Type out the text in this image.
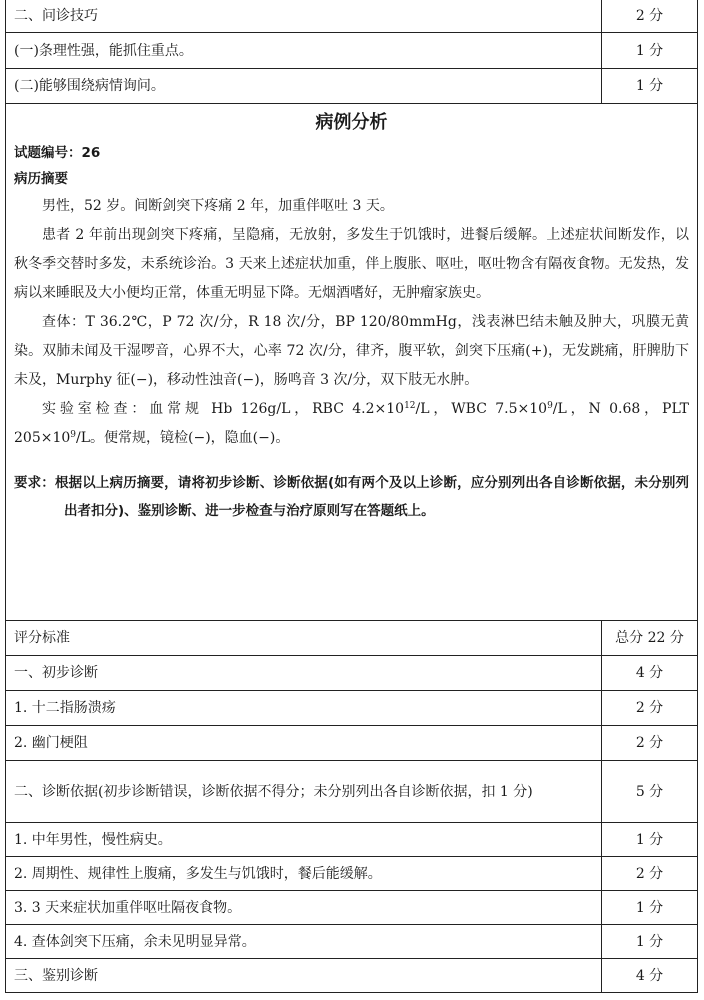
二、问诊技巧	2 分
(一)条理性强，能抓住重点。	1 分
(二)能够围绕病情询问。	1 分
病例分析
试题编号：26
病历摘要

男性，52 岁。间断剑突下疼痛 2 年，加重伴呕吐 3 天。

患者 2 年前出现剑突下疼痛，呈隐痛，无放射，多发生于饥饿时，进餐后缓解。上述症状间断发作，以秋冬季交替时多发，未系统诊治。3 天来上述症状加重，伴上腹胀、呕吐，呕吐物含有隔夜食物。无发热，发病以来睡眠及大小便均正常，体重无明显下降。无烟酒嗜好，无肿瘤家族史。

查体：T 36.2℃，P 72 次/分，R 18 次/分，BP 120/80mmHg，浅表淋巴结未触及肿大，巩膜无黄染。双肺未闻及干湿啰音，心界不大，心率 72 次/分，律齐，腹平软，剑突下压痛(+)，无发跳痛，肝脾肋下未及，Murphy 征(−)，移动性浊音(−)，肠鸣音 3 次/分，双下肢无水肿。

实验室检查：血常规 Hb 126g/L，RBC $4.2\times 10^{12}/L$，WBC $7.5\times 10^9/L$，N 0.68，PLT $205\times 10^9/L$。便常规，镜检(−)，隐血(−)。

要求：根据以上病历摘要，请将初步诊断、诊断依据(如有两个及以上诊断，应分别列出各自诊断依据，未分别列出者扣分)、鉴别诊断、进一步检查与治疗原则写在答题纸上。
评分标准	总分 22 分
一、初步诊断	4 分
1. 十二指肠溃疡	2 分
2. 幽门梗阻	2 分
二、诊断依据(初步诊断错误，诊断依据不得分；未分别列出各自诊断依据，扣 1 分)	5 分
1. 中年男性，慢性病史。	1 分
2. 周期性、规律性上腹痛，多发生与饥饿时，餐后能缓解。	2 分
3. 3 天来症状加重伴呕吐隔夜食物。	1 分
4. 查体剑突下压痛，余未见明显异常。	1 分
三、鉴别诊断	4 分
